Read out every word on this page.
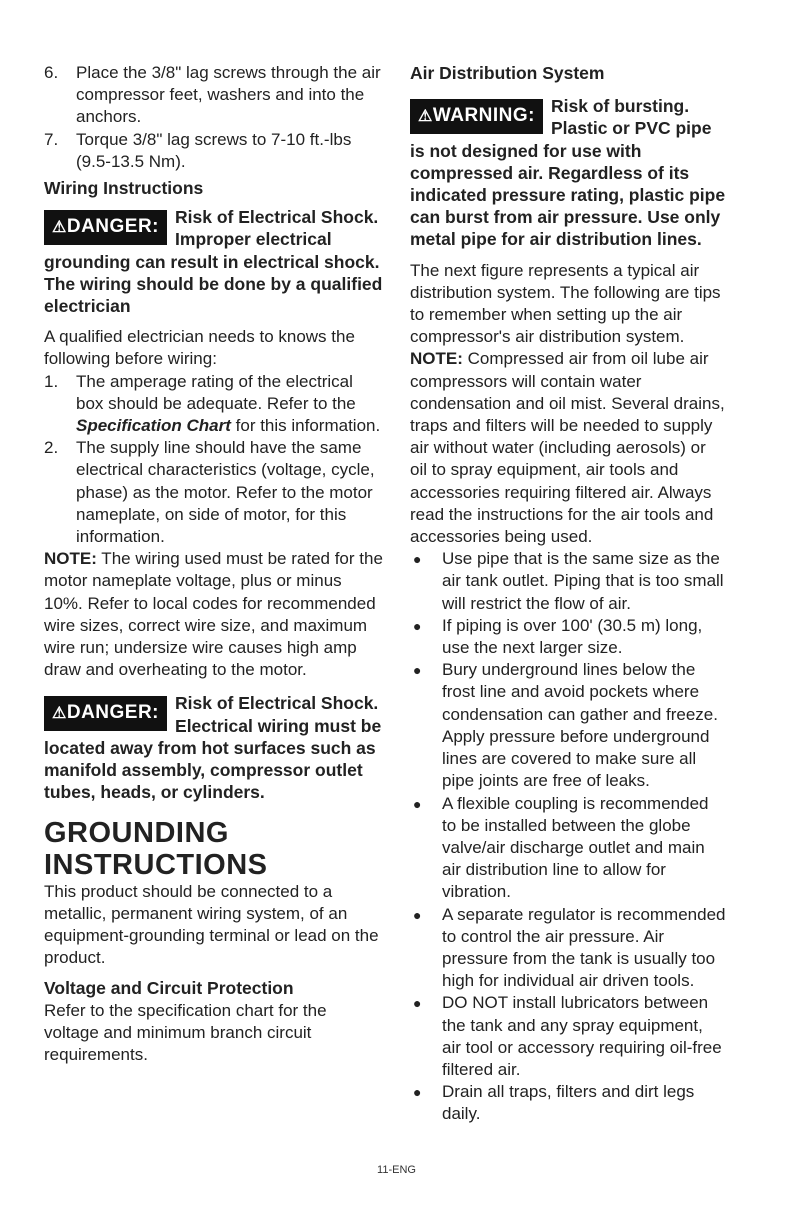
6.	Place the 3/8" lag screws through the air compressor feet, washers and into the anchors.
7.	Torque 3/8" lag screws to 7-10 ft.-lbs (9.5-13.5 Nm).

Wiring Instructions

⚠DANGER: Risk of Electrical Shock. Improper electrical grounding can result in electrical shock. The wiring should be done by a qualified electrician

A qualified electrician needs to knows the following before wiring:

1.	The amperage rating of the electrical box should be adequate. Refer to the Specification Chart for this information.
2.	The supply line should have the same electrical characteristics (voltage, cycle, phase) as the motor. Refer to the motor nameplate, on side of motor, for this information.

NOTE: The wiring used must be rated for the motor nameplate voltage, plus or minus 10%. Refer to local codes for recommended wire sizes, correct wire size, and maximum wire run; undersize wire causes high amp draw and overheating to the motor.

⚠DANGER: Risk of Electrical Shock. Electrical wiring must be located away from hot surfaces such as manifold assembly, compressor outlet tubes, heads, or cylinders.
GROUNDING
INSTRUCTIONS

This product should be connected to a metallic, permanent wiring system, of an equipment-grounding terminal or lead on the product.

Voltage and Circuit Protection

Refer to the specification chart for the voltage and minimum branch circuit requirements.

Air Distribution System

⚠WARNING: Risk of bursting. Plastic or PVC pipe is not designed for use with compressed air. Regardless of its indicated pressure rating, plastic pipe can burst from air pressure. Use only metal pipe for air distribution lines.

The next figure represents a typical air distribution system. The following are tips to remember when setting up the air compressor's air distribution system.

NOTE: Compressed air from oil lube air compressors will contain water condensation and oil mist. Several drains, traps and filters will be needed to supply air without water (including aerosols) or oil to spray equipment, air tools and accessories requiring filtered air. Always read the instructions for the air tools and accessories being used.

●	Use pipe that is the same size as the air tank outlet. Piping that is too small will restrict the flow of air.
●	If piping is over 100' (30.5 m) long, use the next larger size.
●	Bury underground lines below the frost line and avoid pockets where condensation can gather and freeze. Apply pressure before underground lines are covered to make sure all pipe joints are free of leaks.
●	A flexible coupling is recommended to be installed between the globe valve/air discharge outlet and main air distribution line to allow for vibration.
●	A separate regulator is recommended to control the air pressure. Air pressure from the tank is usually too high for individual air driven tools.
●	DO NOT install lubricators between the tank and any spray equipment, air tool or accessory requiring oil-free filtered air.
●	Drain all traps, filters and dirt legs daily.
11-ENG
